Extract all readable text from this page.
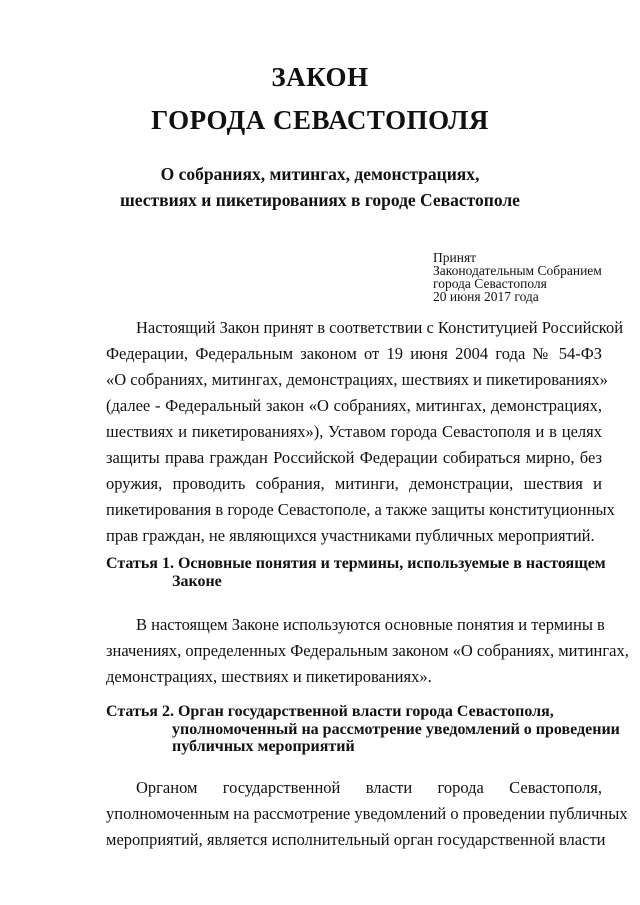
ЗАКОН
ГОРОДА СЕВАСТОПОЛЯ
О собраниях, митингах, демонстрациях,
шествиях и пикетированиях в городе Севастополе
Принят
Законодательным Собранием
города Севастополя
20 июня 2017 года
Настоящий Закон принят в соответствии с Конституцией Российской
Федерации, Федеральным законом от 19 июня 2004 года № 54-ФЗ
«О собраниях, митингах, демонстрациях, шествиях и пикетированиях»
(далее - Федеральный закон «О собраниях, митингах, демонстрациях,
шествиях и пикетированиях»), Уставом города Севастополя и в целях
защиты права граждан Российской Федерации собираться мирно, без
оружия, проводить собрания, митинги, демонстрации, шествия и
пикетирования в городе Севастополе, а также защиты конституционных
прав граждан, не являющихся участниками публичных мероприятий.
Статья 1. Основные понятия и термины, используемые в настоящем
Законе
В настоящем Законе используются основные понятия и термины в
значениях, определенных Федеральным законом «О собраниях, митингах,
демонстрациях, шествиях и пикетированиях».
Статья 2. Орган государственной власти города Севастополя,
уполномоченный на рассмотрение уведомлений о проведении
публичных мероприятий
Органом государственной власти города Севастополя,
уполномоченным на рассмотрение уведомлений о проведении публичных
мероприятий, является исполнительный орган государственной власти
